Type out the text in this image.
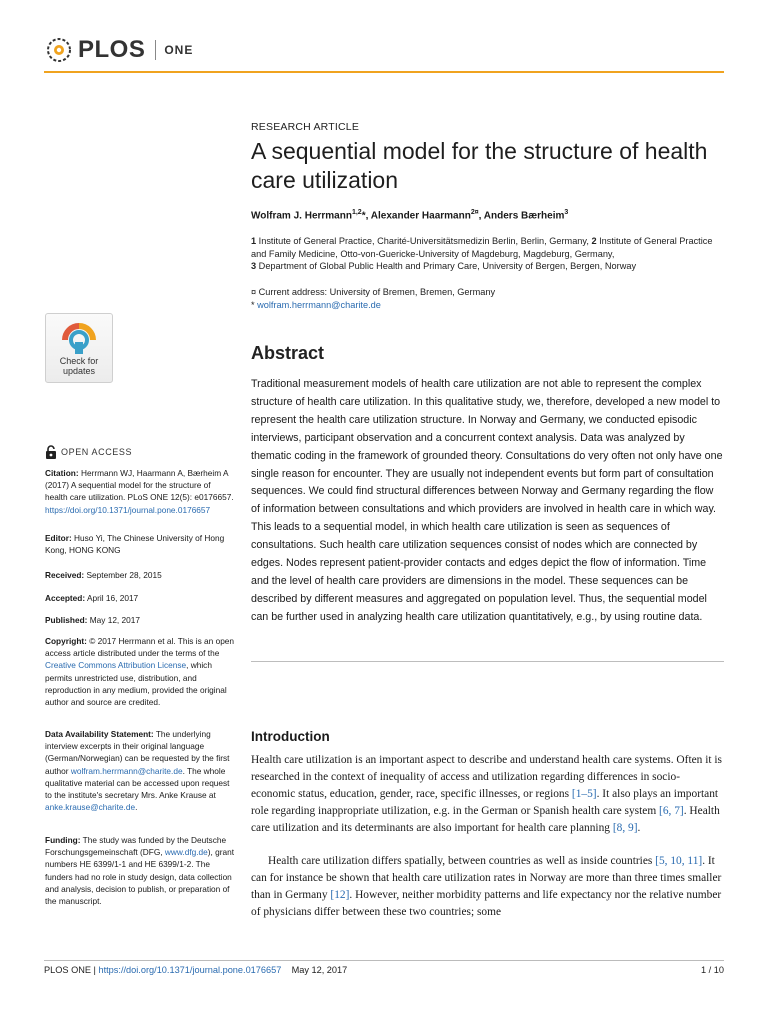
PLOS ONE
RESEARCH ARTICLE
A sequential model for the structure of health care utilization
Wolfram J. Herrmann$^{1,2}$*, Alexander Haarmann$^{2¤}$, Anders Bærheim$^3$
1 Institute of General Practice, Charité-Universitätsmedizin Berlin, Berlin, Germany, 2 Institute of General Practice and Family Medicine, Otto-von-Guericke-University of Magdeburg, Magdeburg, Germany,
3 Department of Global Public Health and Primary Care, University of Bergen, Bergen, Norway
¤ Current address: University of Bremen, Bremen, Germany
* wolfram.herrmann@charite.de
Check for
updates
OPEN ACCESS
Citation: Herrmann WJ, Haarmann A, Bærheim A (2017) A sequential model for the structure of health care utilization. PLoS ONE 12(5): e0176657. https://doi.org/10.1371/journal.pone.0176657
Editor: Huso Yi, The Chinese University of Hong Kong, HONG KONG
Received: September 28, 2015
Accepted: April 16, 2017
Published: May 12, 2017
Copyright: © 2017 Herrmann et al. This is an open access article distributed under the terms of the Creative Commons Attribution License, which permits unrestricted use, distribution, and reproduction in any medium, provided the original author and source are credited.
Data Availability Statement: The underlying interview excerpts in their original language (German/Norwegian) can be requested by the first author wolfram.herrmann@charite.de. The whole qualitative material can be accessed upon request to the institute's secretary Mrs. Anke Krause at anke.krause@charite.de.
Funding: The study was funded by the Deutsche Forschungsgemeinschaft (DFG, www.dfg.de), grant numbers HE 6399/1-1 and HE 6399/1-2. The funders had no role in study design, data collection and analysis, decision to publish, or preparation of the manuscript.
Abstract

Traditional measurement models of health care utilization are not able to represent the complex structure of health care utilization. In this qualitative study, we, therefore, developed a new model to represent the health care utilization structure. In Norway and Germany, we conducted episodic interviews, participant observation and a concurrent context analysis. Data was analyzed by thematic coding in the framework of grounded theory. Consultations do very often not only have one single reason for encounter. They are usually not independent events but form part of consultation sequences. We could find structural differences between Norway and Germany regarding the flow of information between consultations and which providers are involved in health care in which way. This leads to a sequential model, in which health care utilization is seen as sequences of consultations. Such health care utilization sequences consist of nodes which are connected by edges. Nodes represent patient-provider contacts and edges depict the flow of information. Time and the level of health care providers are dimensions in the model. These sequences can be described by different measures and aggregated on population level. Thus, the sequential model can be further used in analyzing health care utilization quantitatively, e.g., by using routine data.

Introduction

Health care utilization is an important aspect to describe and understand health care systems. Often it is researched in the context of inequality of access and utilization regarding differences in socio-economic status, education, gender, race, specific illnesses, or regions [1–5]. It also plays an important role regarding inappropriate utilization, e.g. in the German or Spanish health care system [6, 7]. Health care utilization and its determinants are also important for health care planning [8, 9].

Health care utilization differs spatially, between countries as well as inside countries [5, 10, 11]. It can for instance be shown that health care utilization rates in Norway are more than three times smaller than in Germany [12]. However, neither morbidity patterns and life expectancy nor the relative number of physicians differ between these two countries; some

PLOS ONE | https://doi.org/10.1371/journal.pone.0176657 May 12, 2017	1 / 10
